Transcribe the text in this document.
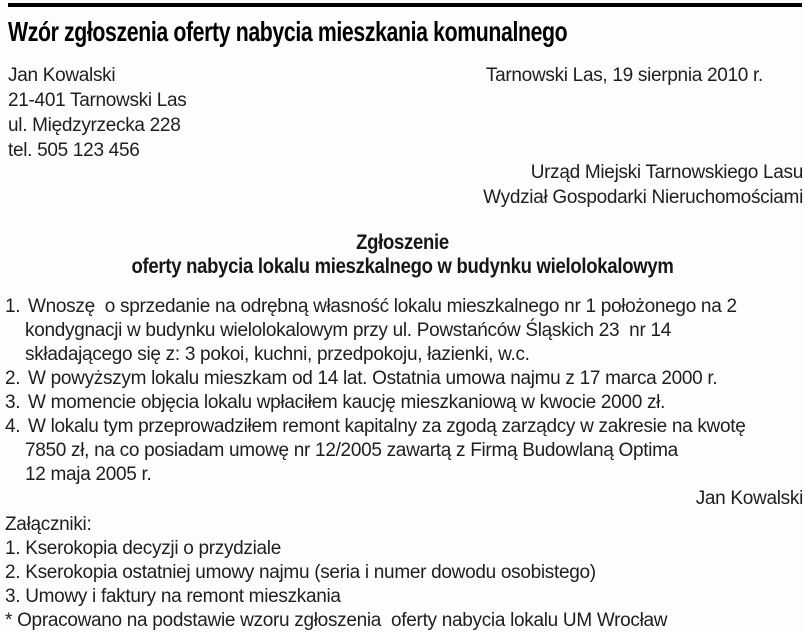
Wzór zgłoszenia oferty nabycia mieszkania komunalnego
Jan Kowalski
21-401 Tarnowski Las
ul. Międzyrzecka 228
tel. 505 123 456
Tarnowski Las, 19 sierpnia 2010 r.
Urząd Miejski Tarnowskiego Lasu
Wydział Gospodarki Nieruchomościami
Zgłoszenie
oferty nabycia lokalu mieszkalnego w budynku wielolokalowym
1. Wnoszę  o sprzedanie na odrębną własność lokalu mieszkalnego nr 1 położonego na 2
kondygnacji w budynku wielolokalowym przy ul. Powstańców Śląskich 23  nr 14
składającego się z: 3 pokoi, kuchni, przedpokoju, łazienki, w.c.
2. W powyższym lokalu mieszkam od 14 lat. Ostatnia umowa najmu z 17 marca 2000 r.
3. W momencie objęcia lokalu wpłaciłem kaucję mieszkaniową w kwocie 2000 zł.
4. W lokalu tym przeprowadziłem remont kapitalny za zgodą zarządcy w zakresie na kwotę
7850 zł, na co posiadam umowę nr 12/2005 zawartą z Firmą Budowlaną Optima
12 maja 2005 r.
Jan Kowalski
Załączniki:
1. Kserokopia decyzji o przydziale
2. Kserokopia ostatniej umowy najmu (seria i numer dowodu osobistego)
3. Umowy i faktury na remont mieszkania
* Opracowano na podstawie wzoru zgłoszenia  oferty nabycia lokalu UM Wrocław
